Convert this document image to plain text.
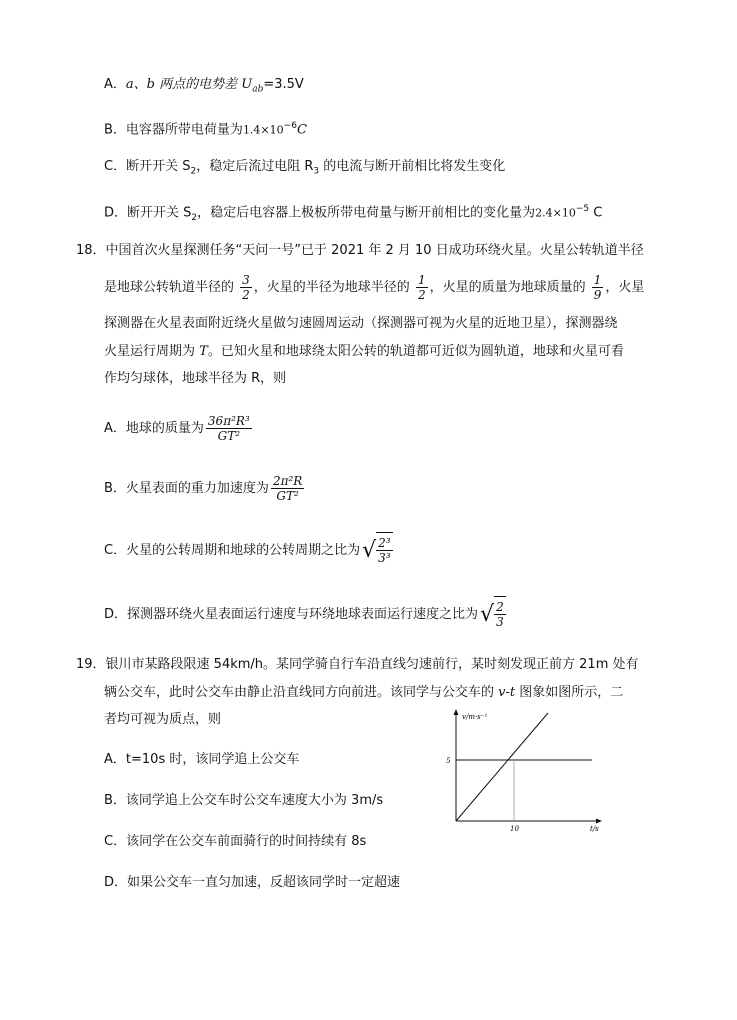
A．a、b 两点的电势差 $U_{ab}=3.5V$
B．电容器所带电荷量为$1.4\times 10^{-6}C$
C．断开开关 $S_2$，稳定后流过电阻 $R_3$ 的电流与断开前相比将发生变化
D．断开开关 $S_2$，稳定后电容器上极板所带电荷量与断开前相比的变化量为$2.4\times 10^{-5}$ C
18．中国首次火星探测任务“天问一号”已于 2021 年 2 月 10 日成功环绕火星。火星公转轨道半径
是地球公转轨道半径的 $\frac{3}{2}$ ，火星的半径为地球半径的 $\frac{1}{2}$ ，火星的质量为地球质量的 $\frac{1}{9}$ ，火星
探测器在火星表面附近绕火星做匀速圆周运动（探测器可视为火星的近地卫星），探测器绕
火星运行周期为 T。已知火星和地球绕太阳公转的轨道都可近似为圆轨道，地球和火星可看
作均匀球体，地球半径为 R，则
A．地球的质量为 $\frac{\text{36π²R³}}{\text{GT²}}$
B．火星表面的重力加速度为 $\frac{\text{2π²R}}{\text{GT²}}$
C．火星的公转周期和地球的公转周期之比为√ $\frac{\text{2³}}{\text{3³}}$
D．探测器环绕火星表面运行速度与环绕地球表面运行速度之比为√ $\frac{2}{3}$
19．银川市某路段限速 54km/h。某同学骑自行车沿直线匀速前行，某时刻发现正前方 21m 处有
辆公交车，此时公交车由静止沿直线同方向前进。该同学与公交车的 v-t 图象如图所示，二
者均可视为质点，则
A．t=10s 时，该同学追上公交车
B．该同学追上公交车时公交车速度大小为 3m/s
C．该同学在公交车前面骑行的时间持续有 8s
D．如果公交车一直匀加速，反超该同学时一定超速
v/m·s⁻¹
t/s
5
10
